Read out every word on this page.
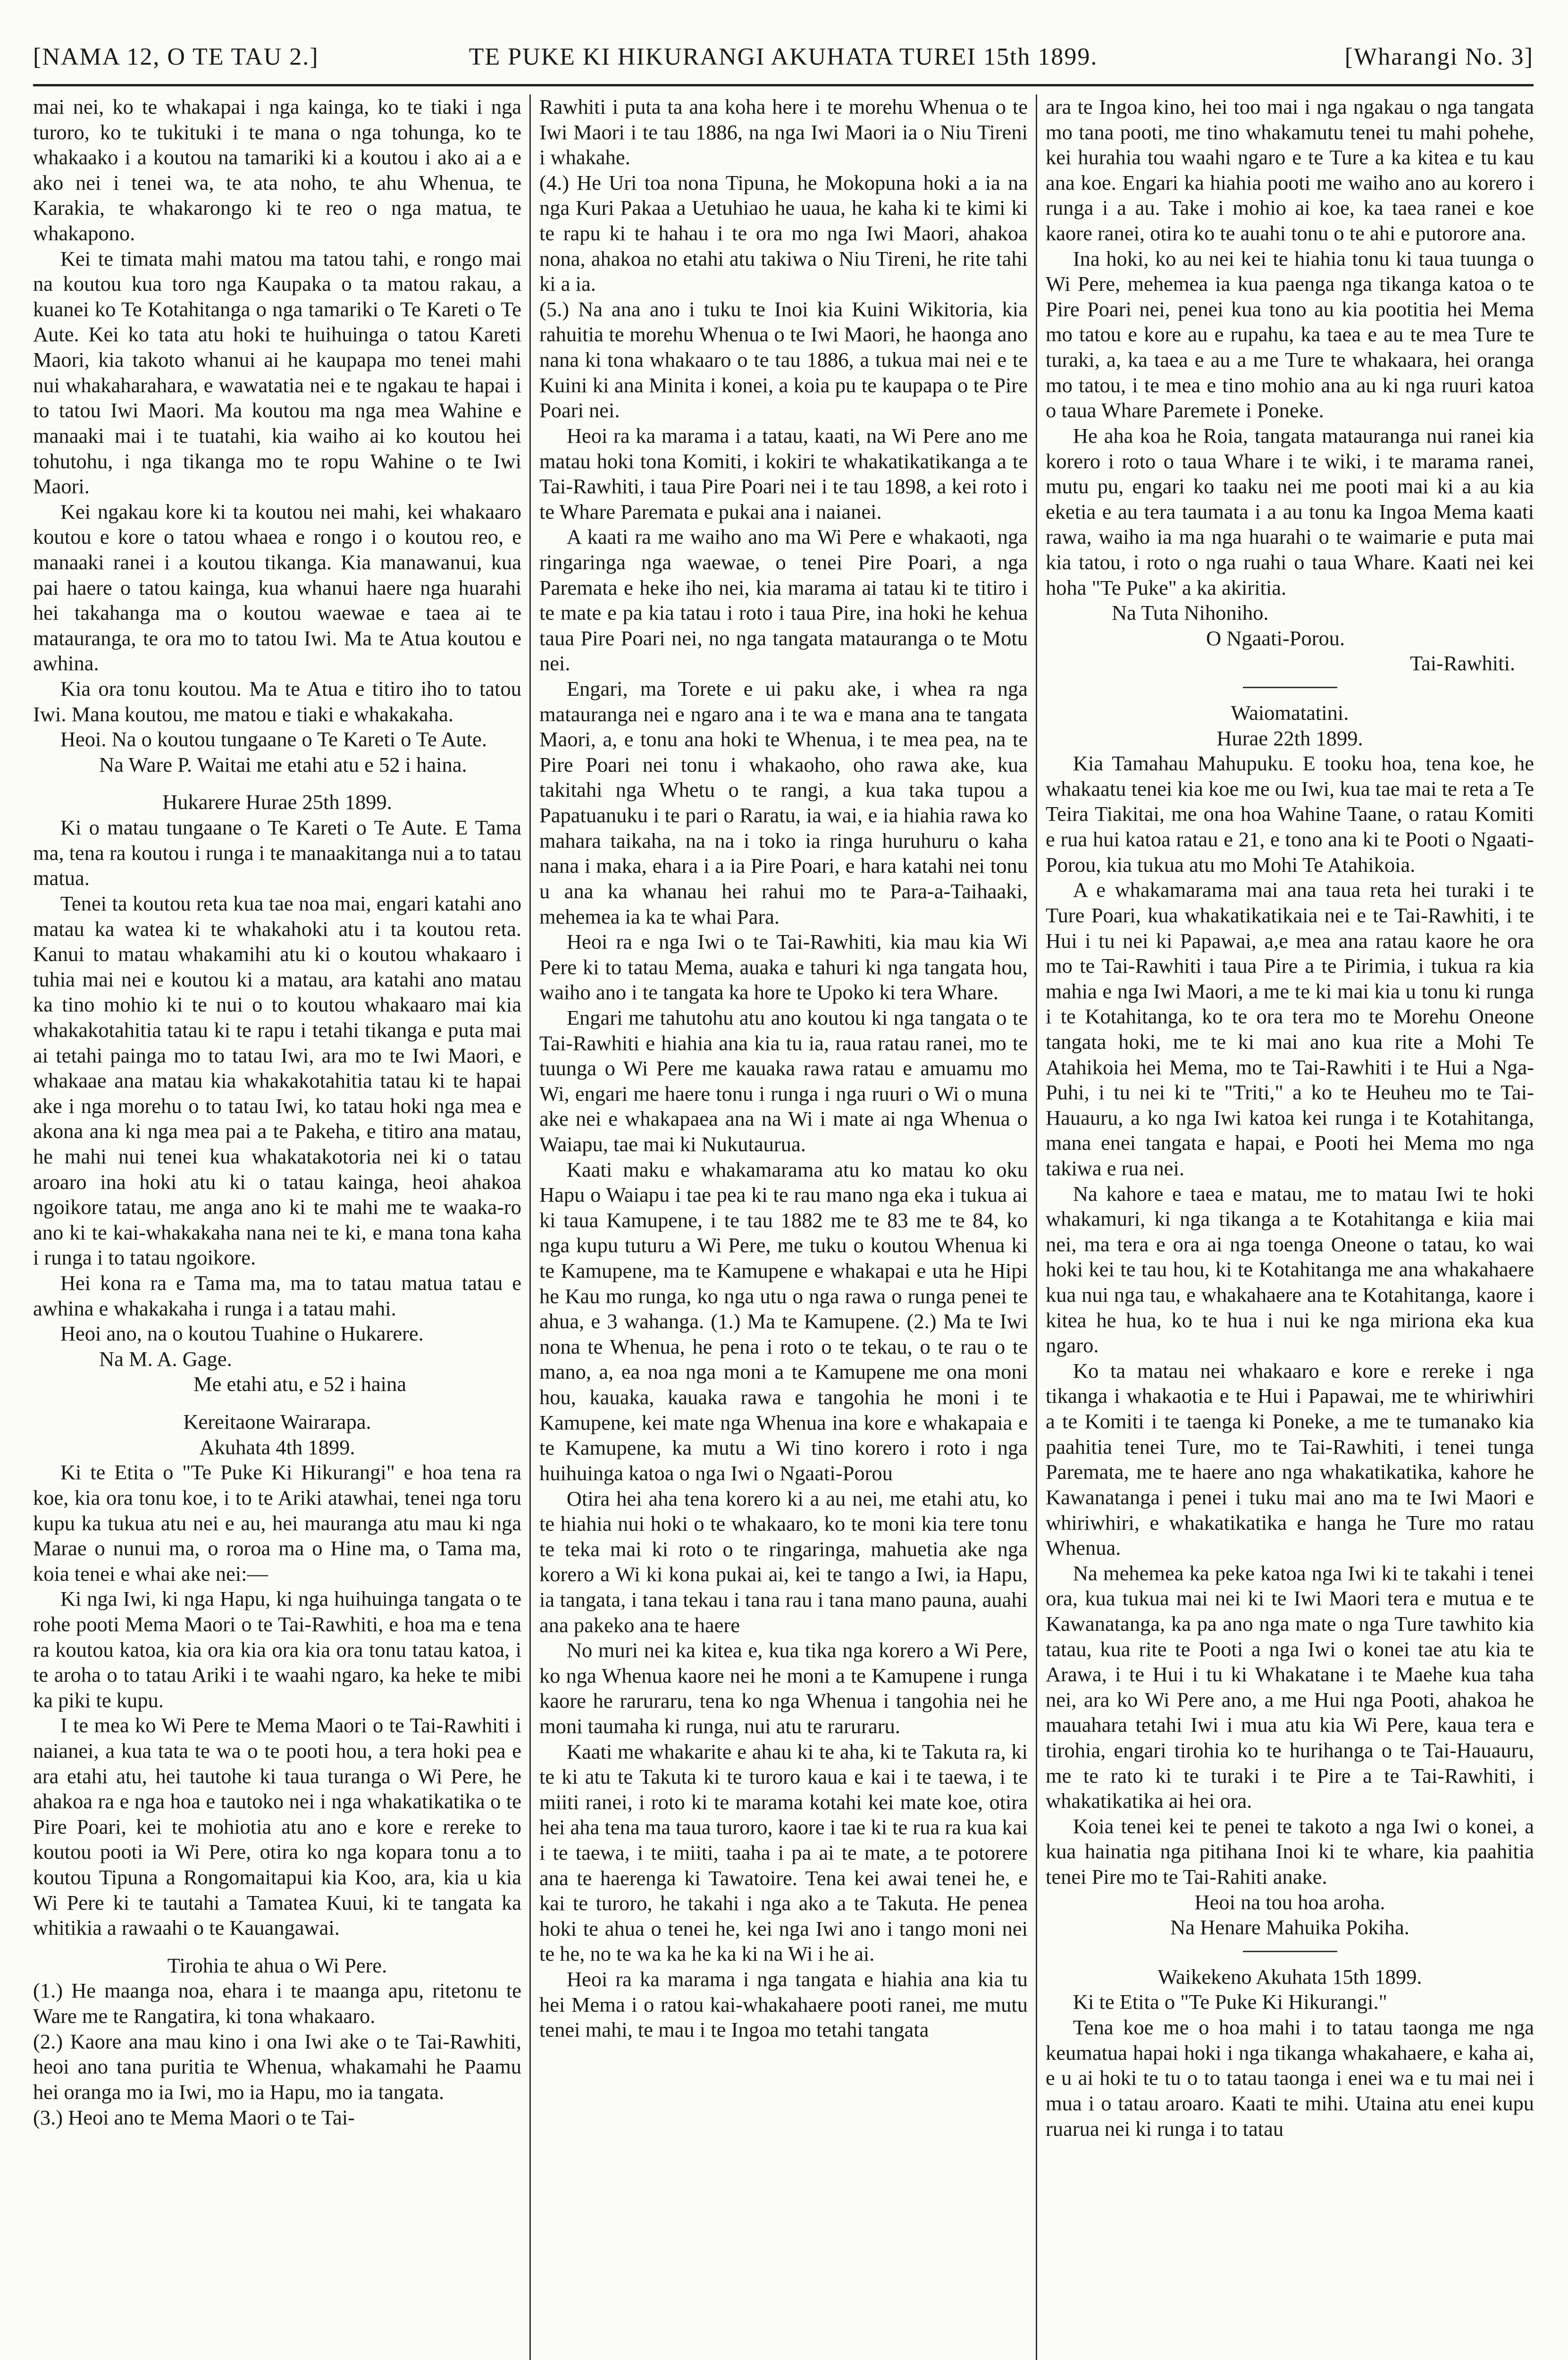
[NAMA 12, O TE TAU 2.]	TE PUKE KI HIKURANGI AKUHATA TUREI 15th 1899.	[Wharangi No. 3]

mai nei, ko te whakapai i nga kainga, ko te tiaki i nga turoro, ko te tukituki i te mana o nga tohunga, ko te whakaako i a koutou na tamariki ki a koutou i ako ai a e ako nei i tenei wa, te ata noho, te ahu Whenua, te Karakia, te whakarongo ki te reo o nga matua, te whakapono.

Kei te timata mahi matou ma tatou tahi, e rongo mai na koutou kua toro nga Kaupaka o ta matou rakau, a kuanei ko Te Kotahitanga o nga tamariki o Te Kareti o Te Aute. Kei ko tata atu hoki te huihuinga o tatou Kareti Maori, kia takoto whanui ai he kaupapa mo tenei mahi nui whakaharahara, e wawatatia nei e te ngakau te hapai i to tatou Iwi Maori. Ma koutou ma nga mea Wahine e manaaki mai i te tuatahi, kia waiho ai ko koutou hei tohutohu, i nga tikanga mo te ropu Wahine o te Iwi Maori.

Kei ngakau kore ki ta koutou nei mahi, kei whakaaro koutou e kore o tatou whaea e rongo i o koutou reo, e manaaki ranei i a koutou tikanga. Kia manawanui, kua pai haere o tatou kainga, kua whanui haere nga huarahi hei takahanga ma o koutou waewae e taea ai te matauranga, te ora mo to tatou Iwi. Ma te Atua koutou e awhina.

Kia ora tonu koutou. Ma te Atua e titiro iho to tatou Iwi. Mana koutou, me matou e tiaki e whakakaha.

Heoi. Na o koutou tungaane o Te Kareti o Te Aute.

Na Ware P. Waitai me etahi atu e 52 i haina.

Hukarere Hurae 25th 1899.

Ki o matau tungaane o Te Kareti o Te Aute. E Tama ma, tena ra koutou i runga i te manaakitanga nui a to tatau matua.

Tenei ta koutou reta kua tae noa mai, engari katahi ano matau ka watea ki te whakahoki atu i ta koutou reta. Kanui to matau whakamihi atu ki o koutou whakaaro i tuhia mai nei e koutou ki a matau, ara katahi ano matau ka tino mohio ki te nui o to koutou whakaaro mai kia whakakotahitia tatau ki te rapu i tetahi tikanga e puta mai ai tetahi painga mo to tatau Iwi, ara mo te Iwi Maori, e whakaae ana matau kia whakakotahitia tatau ki te hapai ake i nga morehu o to tatau Iwi, ko tatau hoki nga mea e akona ana ki nga mea pai a te Pakeha, e titiro ana matau, he mahi nui tenei kua whakatakotoria nei ki o tatau aroaro ina hoki atu ki o tatau kainga, heoi ahakoa ngoikore tatau, me anga ano ki te mahi me te waaka-ro ano ki te kai-whakakaha nana nei te ki, e mana tona kaha i runga i to tatau ngoikore.

Hei kona ra e Tama ma, ma to tatau matua tatau e awhina e whakakaha i runga i a tatau mahi.

Heoi ano, na o koutou Tuahine o Hukarere.

Na M. A. Gage.

Me etahi atu, e 52 i haina

Kereitaone Wairarapa.

Akuhata 4th 1899.

Ki te Etita o "Te Puke Ki Hikurangi" e hoa tena ra koe, kia ora tonu koe, i to te Ariki atawhai, tenei nga toru kupu ka tukua atu nei e au, hei mauranga atu mau ki nga Marae o nunui ma, o roroa ma o Hine ma, o Tama ma, koia tenei e whai ake nei:—

Ki nga Iwi, ki nga Hapu, ki nga huihuinga tangata o te rohe pooti Mema Maori o te Tai-Rawhiti, e hoa ma e tena ra koutou katoa, kia ora kia ora kia ora tonu tatau katoa, i te aroha o to tatau Ariki i te waahi ngaro, ka heke te mibi ka piki te kupu.

I te mea ko Wi Pere te Mema Maori o te Tai-Rawhiti i naianei, a kua tata te wa o te pooti hou, a tera hoki pea e ara etahi atu, hei tautohe ki taua turanga o Wi Pere, he ahakoa ra e nga hoa e tautoko nei i nga whakatikatika o te Pire Poari, kei te mohiotia atu ano e kore e rereke to koutou pooti ia Wi Pere, otira ko nga kopara tonu a to koutou Tipuna a Rongomaitapui kia Koo, ara, kia u kia Wi Pere ki te tautahi a Tamatea Kuui, ki te tangata ka whitikia a rawaahi o te Kauangawai.

Tirohia te ahua o Wi Pere.

(1.) He maanga noa, ehara i te maanga apu, ritetonu te Ware me te Rangatira, ki tona whakaaro.

(2.) Kaore ana mau kino i ona Iwi ake o te Tai-Rawhiti, heoi ano tana puritia te Whenua, whakamahi he Paamu hei oranga mo ia Iwi, mo ia Hapu, mo ia tangata.

(3.) Heoi ano te Mema Maori o te Tai-

Rawhiti i puta ta ana koha here i te morehu Whenua o te Iwi Maori i te tau 1886, na nga Iwi Maori ia o Niu Tireni i whakahe.

(4.) He Uri toa nona Tipuna, he Mokopuna hoki a ia na nga Kuri Pakaa a Uetuhiao he uaua, he kaha ki te kimi ki te rapu ki te hahau i te ora mo nga Iwi Maori, ahakoa nona, ahakoa no etahi atu takiwa o Niu Tireni, he rite tahi ki a ia.

(5.) Na ana ano i tuku te Inoi kia Kuini Wikitoria, kia rahuitia te morehu Whenua o te Iwi Maori, he haonga ano nana ki tona whakaaro o te tau 1886, a tukua mai nei e te Kuini ki ana Minita i konei, a koia pu te kaupapa o te Pire Poari nei.

Heoi ra ka marama i a tatau, kaati, na Wi Pere ano me matau hoki tona Komiti, i kokiri te whakatikatikanga a te Tai-Rawhiti, i taua Pire Poari nei i te tau 1898, a kei roto i te Whare Paremata e pukai ana i naianei.

A kaati ra me waiho ano ma Wi Pere e whakaoti, nga ringaringa nga waewae, o tenei Pire Poari, a nga Paremata e heke iho nei, kia marama ai tatau ki te titiro i te mate e pa kia tatau i roto i taua Pire, ina hoki he kehua taua Pire Poari nei, no nga tangata matauranga o te Motu nei.

Engari, ma Torete e ui paku ake, i whea ra nga matauranga nei e ngaro ana i te wa e mana ana te tangata Maori, a, e tonu ana hoki te Whenua, i te mea pea, na te Pire Poari nei tonu i whakaoho, oho rawa ake, kua takitahi nga Whetu o te rangi, a kua taka tupou a Papatuanuku i te pari o Raratu, ia wai, e ia hiahia rawa ko mahara taikaha, na na i toko ia ringa huruhuru o kaha nana i maka, ehara i a ia Pire Poari, e hara katahi nei tonu u ana ka whanau hei rahui mo te Para-a-Taihaaki, mehemea ia ka te whai Para.

Heoi ra e nga Iwi o te Tai-Rawhiti, kia mau kia Wi Pere ki to tatau Mema, auaka e tahuri ki nga tangata hou, waiho ano i te tangata ka hore te Upoko ki tera Whare.

Engari me tahutohu atu ano koutou ki nga tangata o te Tai-Rawhiti e hiahia ana kia tu ia, raua ratau ranei, mo te tuunga o Wi Pere me kauaka rawa ratau e amuamu mo Wi, engari me haere tonu i runga i nga ruuri o Wi o muna ake nei e whakapaea ana na Wi i mate ai nga Whenua o Waiapu, tae mai ki Nukutaurua.

Kaati maku e whakamarama atu ko matau ko oku Hapu o Waiapu i tae pea ki te rau mano nga eka i tukua ai ki taua Kamupene, i te tau 1882 me te 83 me te 84, ko nga kupu tuturu a Wi Pere, me tuku o koutou Whenua ki te Kamupene, ma te Kamupene e whakapai e uta he Hipi he Kau mo runga, ko nga utu o nga rawa o runga penei te ahua, e 3 wahanga. (1.) Ma te Kamupene. (2.) Ma te Iwi nona te Whenua, he pena i roto o te tekau, o te rau o te mano, a, ea noa nga moni a te Kamupene me ona moni hou, kauaka, kauaka rawa e tangohia he moni i te Kamupene, kei mate nga Whenua ina kore e whakapaia e te Kamupene, ka mutu a Wi tino korero i roto i nga huihuinga katoa o nga Iwi o Ngaati-Porou

Otira hei aha tena korero ki a au nei, me etahi atu, ko te hiahia nui hoki o te whakaaro, ko te moni kia tere tonu te teka mai ki roto o te ringaringa, mahuetia ake nga korero a Wi ki kona pukai ai, kei te tango a Iwi, ia Hapu, ia tangata, i tana tekau i tana rau i tana mano pauna, auahi ana pakeko ana te haere

No muri nei ka kitea e, kua tika nga korero a Wi Pere, ko nga Whenua kaore nei he moni a te Kamupene i runga kaore he raruraru, tena ko nga Whenua i tangohia nei he moni taumaha ki runga, nui atu te raruraru.

Kaati me whakarite e ahau ki te aha, ki te Takuta ra, ki te ki atu te Takuta ki te turoro kaua e kai i te taewa, i te miiti ranei, i roto ki te marama kotahi kei mate koe, otira hei aha tena ma taua turoro, kaore i tae ki te rua ra kua kai i te taewa, i te miiti, taaha i pa ai te mate, a te potorere ana te haerenga ki Tawatoire. Tena kei awai tenei he, e kai te turoro, he takahi i nga ako a te Takuta. He penea hoki te ahua o tenei he, kei nga Iwi ano i tango moni nei te he, no te wa ka he ka ki na Wi i he ai.

Heoi ra ka marama i nga tangata e hiahia ana kia tu hei Mema i o ratou kai-whakahaere pooti ranei, me mutu tenei mahi, te mau i te Ingoa mo tetahi tangata

ara te Ingoa kino, hei too mai i nga ngakau o nga tangata mo tana pooti, me tino whakamutu tenei tu mahi pohehe, kei hurahia tou waahi ngaro e te Ture a ka kitea e tu kau ana koe. Engari ka hiahia pooti me waiho ano au korero i runga i a au. Take i mohio ai koe, ka taea ranei e koe kaore ranei, otira ko te auahi tonu o te ahi e putorore ana.

Ina hoki, ko au nei kei te hiahia tonu ki taua tuunga o Wi Pere, mehemea ia kua paenga nga tikanga katoa o te Pire Poari nei, penei kua tono au kia pootitia hei Mema mo tatou e kore au e rupahu, ka taea e au te mea Ture te turaki, a, ka taea e au a me Ture te whakaara, hei oranga mo tatou, i te mea e tino mohio ana au ki nga ruuri katoa o taua Whare Paremete i Poneke.

He aha koa he Roia, tangata matauranga nui ranei kia korero i roto o taua Whare i te wiki, i te marama ranei, mutu pu, engari ko taaku nei me pooti mai ki a au kia eketia e au tera taumata i a au tonu ka Ingoa Mema kaati rawa, waiho ia ma nga huarahi o te waimarie e puta mai kia tatou, i roto o nga ruahi o taua Whare. Kaati nei kei hoha "Te Puke" a ka akiritia.

Na Tuta Nihoniho.

O Ngaati-Porou.

Tai-Rawhiti.

Waiomatatini.

Hurae 22th 1899.

Kia Tamahau Mahupuku. E tooku hoa, tena koe, he whakaatu tenei kia koe me ou Iwi, kua tae mai te reta a Te Teira Tiakitai, me ona hoa Wahine Taane, o ratau Komiti e rua hui katoa ratau e 21, e tono ana ki te Pooti o Ngaati-Porou, kia tukua atu mo Mohi Te Atahikoia.

A e whakamarama mai ana taua reta hei turaki i te Ture Poari, kua whakatikatikaia nei e te Tai-Rawhiti, i te Hui i tu nei ki Papawai, a,e mea ana ratau kaore he ora mo te Tai-Rawhiti i taua Pire a te Pirimia, i tukua ra kia mahia e nga Iwi Maori, a me te ki mai kia u tonu ki runga i te Kotahitanga, ko te ora tera mo te Morehu Oneone tangata hoki, me te ki mai ano kua rite a Mohi Te Atahikoia hei Mema, mo te Tai-Rawhiti i te Hui a Nga-Puhi, i tu nei ki te "Triti," a ko te Heuheu mo te Tai-Hauauru, a ko nga Iwi katoa kei runga i te Kotahitanga, mana enei tangata e hapai, e Pooti hei Mema mo nga takiwa e rua nei.

Na kahore e taea e matau, me to matau Iwi te hoki whakamuri, ki nga tikanga a te Kotahitanga e kiia mai nei, ma tera e ora ai nga toenga Oneone o tatau, ko wai hoki kei te tau hou, ki te Kotahitanga me ana whakahaere kua nui nga tau, e whakahaere ana te Kotahitanga, kaore i kitea he hua, ko te hua i nui ke nga miriona eka kua ngaro.

Ko ta matau nei whakaaro e kore e rereke i nga tikanga i whakaotia e te Hui i Papawai, me te whiriwhiri a te Komiti i te taenga ki Poneke, a me te tumanako kia paahitia tenei Ture, mo te Tai-Rawhiti, i tenei tunga Paremata, me te haere ano nga whakatikatika, kahore he Kawanatanga i penei i tuku mai ano ma te Iwi Maori e whiriwhiri, e whakatikatika e hanga he Ture mo ratau Whenua.

Na mehemea ka peke katoa nga Iwi ki te takahi i tenei ora, kua tukua mai nei ki te Iwi Maori tera e mutua e te Kawanatanga, ka pa ano nga mate o nga Ture tawhito kia tatau, kua rite te Pooti a nga Iwi o konei tae atu kia te Arawa, i te Hui i tu ki Whakatane i te Maehe kua taha nei, ara ko Wi Pere ano, a me Hui nga Pooti, ahakoa he mauahara tetahi Iwi i mua atu kia Wi Pere, kaua tera e tirohia, engari tirohia ko te hurihanga o te Tai-Hauauru, me te rato ki te turaki i te Pire a te Tai-Rawhiti, i whakatikatika ai hei ora.

Koia tenei kei te penei te takoto a nga Iwi o konei, a kua hainatia nga pitihana Inoi ki te whare, kia paahitia tenei Pire mo te Tai-Rahiti anake.

Heoi na tou hoa aroha.

Na Henare Mahuika Pokiha.

Waikekeno Akuhata 15th 1899.

Ki te Etita o "Te Puke Ki Hikurangi."

Tena koe me o hoa mahi i to tatau taonga me nga keumatua hapai hoki i nga tikanga whakahaere, e kaha ai, e u ai hoki te tu o to tatau taonga i enei wa e tu mai nei i mua i o tatau aroaro. Kaati te mihi. Utaina atu enei kupu ruarua nei ki runga i to tatau
